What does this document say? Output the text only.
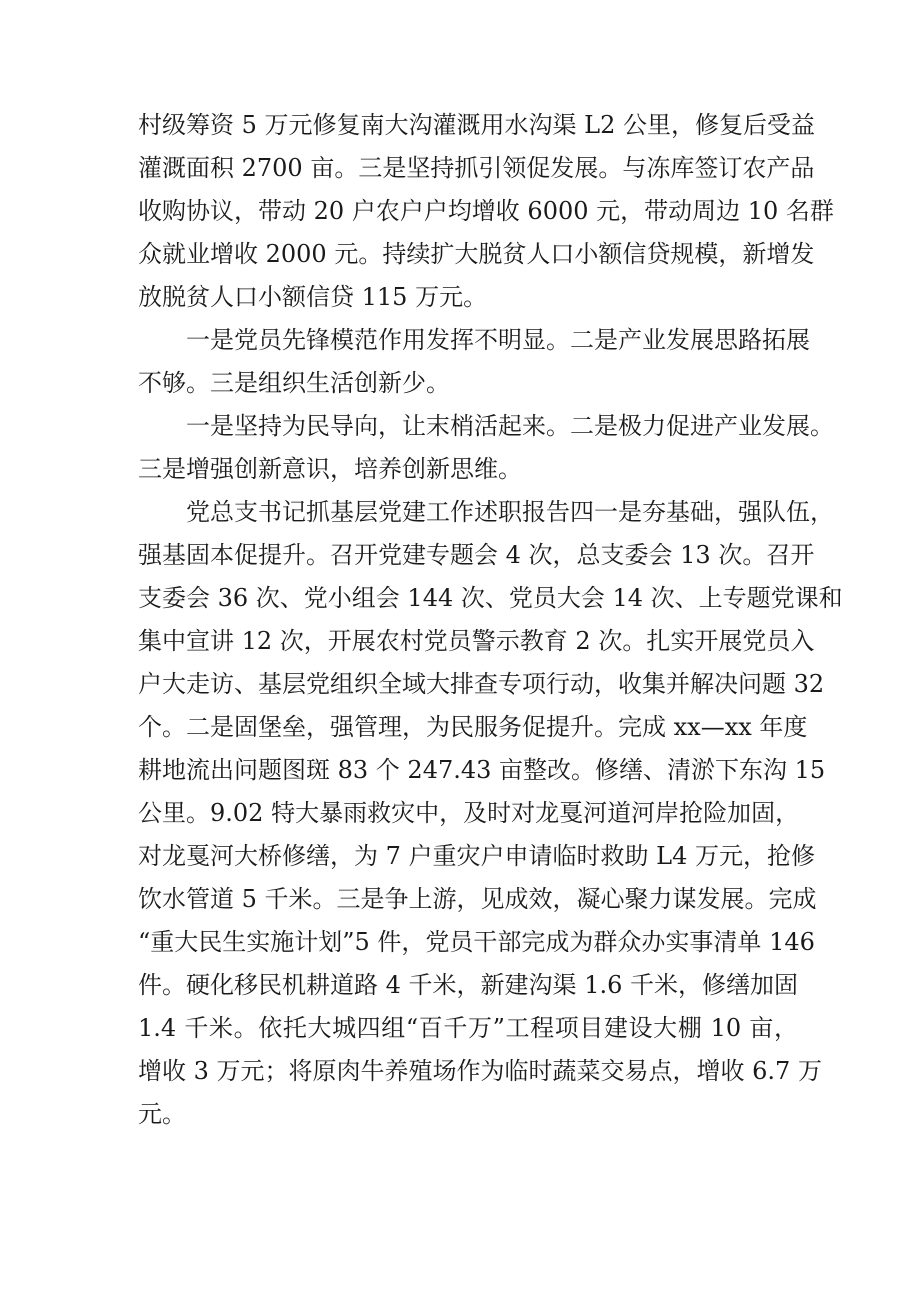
村级筹资 5 万元修复南大沟灌溉用水沟渠 L2 公里，修复后受益
灌溉面积 2700 亩。三是坚持抓引领促发展。与冻库签订农产品
收购协议，带动 20 户农户户均增收 6000 元，带动周边 10 名群
众就业增收 2000 元。持续扩大脱贫人口小额信贷规模，新增发
放脱贫人口小额信贷 115 万元。
　　一是党员先锋模范作用发挥不明显。二是产业发展思路拓展
不够。三是组织生活创新少。
　　一是坚持为民导向，让末梢活起来。二是极力促进产业发展。
三是增强创新意识，培养创新思维。
　　党总支书记抓基层党建工作述职报告四一是夯基础，强队伍，
强基固本促提升。召开党建专题会 4 次，总支委会 13 次。召开
支委会 36 次、党小组会 144 次、党员大会 14 次、上专题党课和
集中宣讲 12 次，开展农村党员警示教育 2 次。扎实开展党员入
户大走访、基层党组织全域大排查专项行动，收集并解决问题 32
个。二是固堡垒，强管理，为民服务促提升。完成 xx—xx 年度
耕地流出问题图斑 83 个 247.43 亩整改。修缮、清淤下东沟 15
公里。9.02 特大暴雨救灾中，及时对龙戛河道河岸抢险加固，
对龙戛河大桥修缮，为 7 户重灾户申请临时救助 L4 万元，抢修
饮水管道 5 千米。三是争上游，见成效，凝心聚力谋发展。完成
“重大民生实施计划”5 件，党员干部完成为群众办实事清单 146
件。硬化移民机耕道路 4 千米，新建沟渠 1.6 千米，修缮加固
1.4 千米。依托大城四组“百千万”工程项目建设大棚 10 亩，
增收 3 万元；将原肉牛养殖场作为临时蔬菜交易点，增收 6.7 万
元。
